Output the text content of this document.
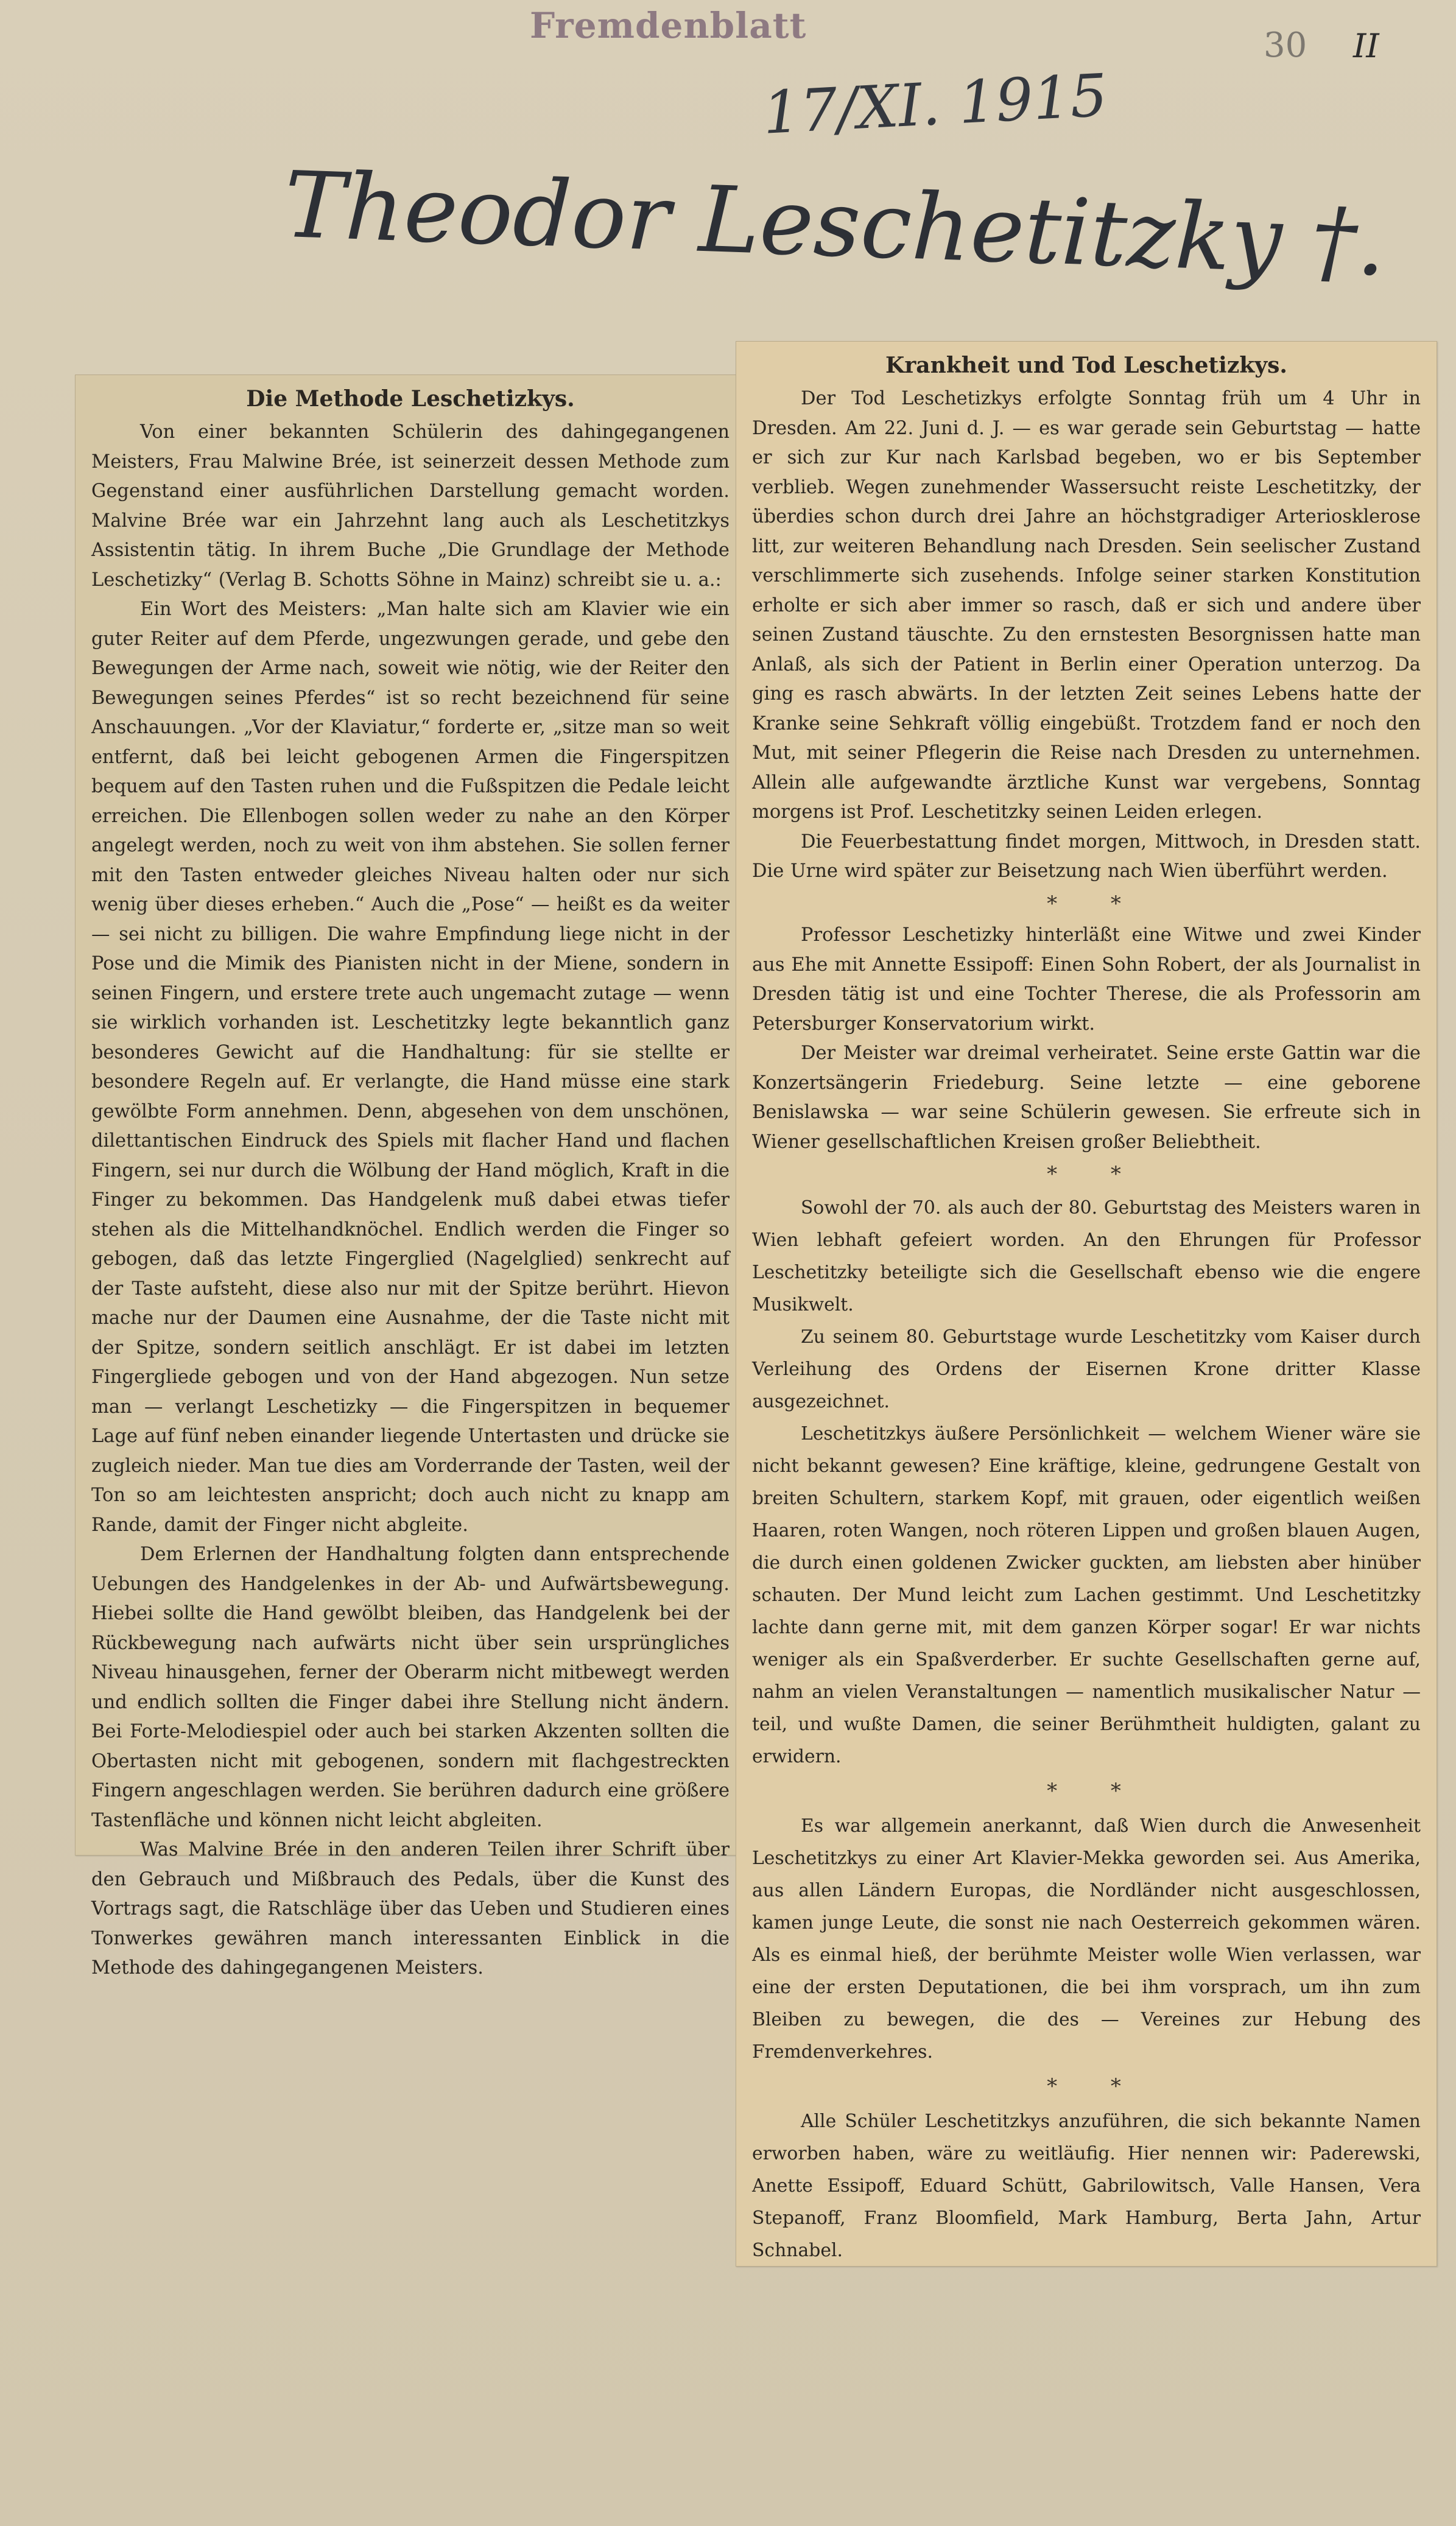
Fremdenblatt	30 II
17/XI. 1915
Theodor Leschetitzky †.
Die Methode Leschetizkys.

Von einer bekannten Schülerin des dahingegangenen Meisters, Frau Malwine Brée, ist seinerzeit dessen Methode zum Gegenstand einer ausführlichen Darstellung gemacht worden. Malvine Brée war ein Jahrzehnt lang auch als Leschetitzkys Assistentin tätig. In ihrem Buche „Die Grundlage der Methode Leschetizky“ (Verlag B. Schotts Söhne in Mainz) schreibt sie u. a.:

Ein Wort des Meisters: „Man halte sich am Klavier wie ein guter Reiter auf dem Pferde, ungezwungen gerade, und gebe den Bewegungen der Arme nach, soweit wie nötig, wie der Reiter den Bewegungen seines Pferdes“ ist so recht bezeichnend für seine Anschauungen. „Vor der Klaviatur,“ forderte er, „sitze man so weit entfernt, daß bei leicht gebogenen Armen die Fingerspitzen bequem auf den Tasten ruhen und die Fußspitzen die Pedale leicht erreichen. Die Ellenbogen sollen weder zu nahe an den Körper angelegt werden, noch zu weit von ihm abstehen. Sie sollen ferner mit den Tasten entweder gleiches Niveau halten oder nur sich wenig über dieses erheben.“ Auch die „Pose“ — heißt es da weiter — sei nicht zu billigen. Die wahre Empfindung liege nicht in der Pose und die Mimik des Pianisten nicht in der Miene, sondern in seinen Fingern, und erstere trete auch ungemacht zutage — wenn sie wirklich vorhanden ist. Leschetitzky legte bekanntlich ganz besonderes Gewicht auf die Handhaltung: für sie stellte er besondere Regeln auf. Er verlangte, die Hand müsse eine stark gewölbte Form annehmen. Denn, abgesehen von dem unschönen, dilettantischen Eindruck des Spiels mit flacher Hand und flachen Fingern, sei nur durch die Wölbung der Hand möglich, Kraft in die Finger zu bekommen. Das Handgelenk muß dabei etwas tiefer stehen als die Mittelhandknöchel. Endlich werden die Finger so gebogen, daß das letzte Fingerglied (Nagelglied) senkrecht auf der Taste aufsteht, diese also nur mit der Spitze berührt. Hievon mache nur der Daumen eine Ausnahme, der die Taste nicht mit der Spitze, sondern seitlich anschlägt. Er ist dabei im letzten Fingergliede gebogen und von der Hand abgezogen. Nun setze man — verlangt Leschetizky — die Fingerspitzen in bequemer Lage auf fünf neben einander liegende Untertasten und drücke sie zugleich nieder. Man tue dies am Vorderrande der Tasten, weil der Ton so am leichtesten anspricht; doch auch nicht zu knapp am Rande, damit der Finger nicht abgleite.

Dem Erlernen der Handhaltung folgten dann entsprechende Uebungen des Handgelenkes in der Ab- und Aufwärtsbewegung. Hiebei sollte die Hand gewölbt bleiben, das Handgelenk bei der Rückbewegung nach aufwärts nicht über sein ursprüngliches Niveau hinausgehen, ferner der Oberarm nicht mitbewegt werden und endlich sollten die Finger dabei ihre Stellung nicht ändern. Bei Forte-Melodiespiel oder auch bei starken Akzenten sollten die Obertasten nicht mit gebogenen, sondern mit flachgestreckten Fingern angeschlagen werden. Sie berühren dadurch eine größere Tastenfläche und können nicht leicht abgleiten.

Was Malvine Brée in den anderen Teilen ihrer Schrift über den Gebrauch und Mißbrauch des Pedals, über die Kunst des Vortrags sagt, die Ratschläge über das Ueben und Studieren eines Tonwerkes gewähren manch interessanten Einblick in die Methode des dahingegangenen Meisters.

Krankheit und Tod Leschetizkys.

Der Tod Leschetizkys erfolgte Sonntag früh um 4 Uhr in Dresden. Am 22. Juni d. J. — es war gerade sein Geburtstag — hatte er sich zur Kur nach Karlsbad begeben, wo er bis September verblieb. Wegen zunehmender Wassersucht reiste Leschetitzky, der überdies schon durch drei Jahre an höchstgradiger Arteriosklerose litt, zur weiteren Behandlung nach Dresden. Sein seelischer Zustand verschlimmerte sich zusehends. Infolge seiner starken Konstitution erholte er sich aber immer so rasch, daß er sich und andere über seinen Zustand täuschte. Zu den ernstesten Besorgnissen hatte man Anlaß, als sich der Patient in Berlin einer Operation unterzog. Da ging es rasch abwärts. In der letzten Zeit seines Lebens hatte der Kranke seine Sehkraft völlig eingebüßt. Trotzdem fand er noch den Mut, mit seiner Pflegerin die Reise nach Dresden zu unternehmen. Allein alle aufgewandte ärztliche Kunst war vergebens, Sonntag morgens ist Prof. Leschetitzky seinen Leiden erlegen.

Die Feuerbestattung findet morgen, Mittwoch, in Dresden statt. Die Urne wird später zur Beisetzung nach Wien überführt werden.

* *

Professor Leschetizky hinterläßt eine Witwe und zwei Kinder aus Ehe mit Annette Essipoff: Einen Sohn Robert, der als Journalist in Dresden tätig ist und eine Tochter Therese, die als Professorin am Petersburger Konservatorium wirkt.

Der Meister war dreimal verheiratet. Seine erste Gattin war die Konzertsängerin Friedeburg. Seine letzte — eine geborene Benislawska — war seine Schülerin gewesen. Sie erfreute sich in Wiener gesellschaftlichen Kreisen großer Beliebtheit.

* *

Sowohl der 70. als auch der 80. Geburtstag des Meisters waren in Wien lebhaft gefeiert worden. An den Ehrungen für Professor Leschetitzky beteiligte sich die Gesellschaft ebenso wie die engere Musikwelt.

Zu seinem 80. Geburtstage wurde Leschetitzky vom Kaiser durch Verleihung des Ordens der Eisernen Krone dritter Klasse ausgezeichnet.

Leschetitzkys äußere Persönlichkeit — welchem Wiener wäre sie nicht bekannt gewesen? Eine kräftige, kleine, gedrungene Gestalt von breiten Schultern, starkem Kopf, mit grauen, oder eigentlich weißen Haaren, roten Wangen, noch röteren Lippen und großen blauen Augen, die durch einen goldenen Zwicker guckten, am liebsten aber hinüber schauten. Der Mund leicht zum Lachen gestimmt. Und Leschetitzky lachte dann gerne mit, mit dem ganzen Körper sogar! Er war nichts weniger als ein Spaßverderber. Er suchte Gesellschaften gerne auf, nahm an vielen Veranstaltungen — namentlich musikalischer Natur — teil, und wußte Damen, die seiner Berühmtheit huldigten, galant zu erwidern.

* *

Es war allgemein anerkannt, daß Wien durch die Anwesenheit Leschetitzkys zu einer Art Klavier-Mekka geworden sei. Aus Amerika, aus allen Ländern Europas, die Nordländer nicht ausgeschlossen, kamen junge Leute, die sonst nie nach Oesterreich gekommen wären. Als es einmal hieß, der berühmte Meister wolle Wien verlassen, war eine der ersten Deputationen, die bei ihm vorsprach, um ihn zum Bleiben zu bewegen, die des — Vereines zur Hebung des Fremdenverkehres.

* *

Alle Schüler Leschetitzkys anzuführen, die sich bekannte Namen erworben haben, wäre zu weitläufig. Hier nennen wir: Paderewski, Anette Essipoff, Eduard Schütt, Gabrilowitsch, Valle Hansen, Vera Stepanoff, Franz Bloomfield, Mark Hamburg, Berta Jahn, Artur Schnabel.
